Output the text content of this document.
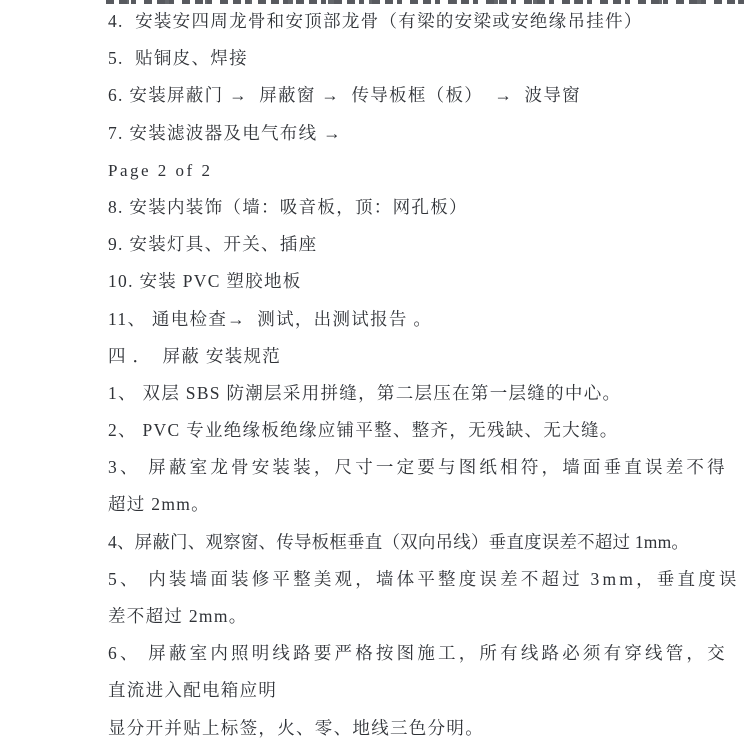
4.  安装安四周龙骨和安顶部龙骨（有梁的安梁或安绝缘吊挂件）
5.  贴铜皮、焊接
6. 安装屏蔽门 →  屏蔽窗 →  传导板框（板）  →  波导窗
7. 安装滤波器及电气布线 →
Page 2 of 2
8. 安装内装饰（墙：吸音板，顶：网孔板）
9. 安装灯具、开关、插座
10. 安装 PVC 塑胶地板
11、 通电检查→  测试，出测试报告 。
四 ．  屏蔽 安装规范
1、 双层 SBS 防潮层采用拼缝，第二层压在第一层缝的中心。
2、 PVC 专业绝缘板绝缘应铺平整、整齐，无残缺、无大缝。
3、 屏蔽室龙骨安装装，尺寸一定要与图纸相符，墙面垂直误差不得
超过 2mm。
4、屏蔽门、观察窗、传导板框垂直（双向吊线）垂直度误差不超过 1mm。
5、 内装墙面装修平整美观，墙体平整度误差不超过 3mm，垂直度误
差不超过 2mm。
6、 屏蔽室内照明线路要严格按图施工，所有线路必须有穿线管，交
直流进入配电箱应明
显分开并贴上标签，火、零、地线三色分明。
